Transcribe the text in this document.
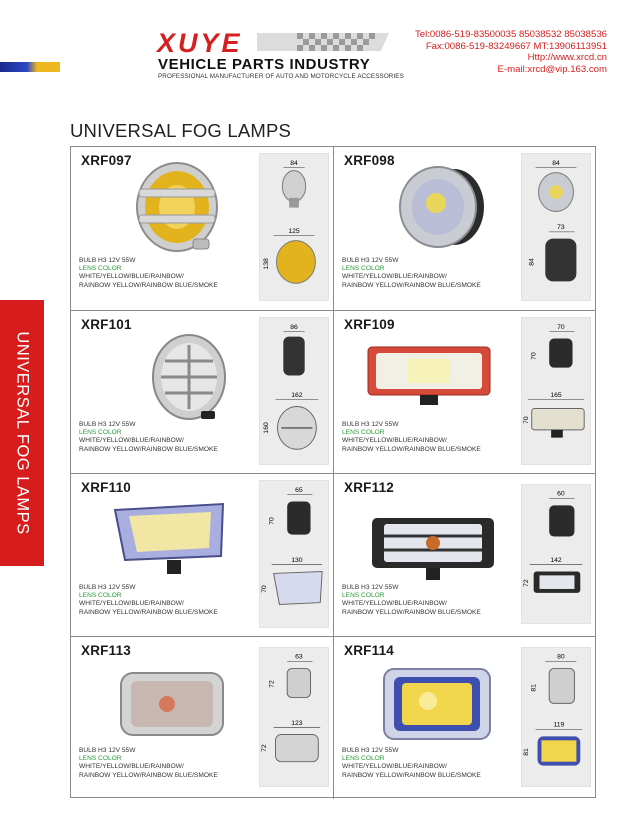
XUYE
VEHICLE PARTS INDUSTRY
PROFESSIONAL MANUFACTURER OF AUTO AND MOTORCYCLE ACCESSORIES
Tel:0086-519-83500035 85038532 85038536
Fax:0086-519-83249667 MT:13906113951
Http://www.xrcd.cn
E-mail:xrcd@vip.163.com
UNIVERSAL FOG LAMPS
UNIVERSAL FOG LAMPS
XRF097	84
125
138
BULB H3 12V 55W
LENS COLOR
WHITE/YELLOW/BLUE/RAINBOW/
RAINBOW YELLOW/RAINBOW BLUE/SMOKE
XRF098	84
73
84
BULB H3 12V 55W
LENS COLOR
WHITE/YELLOW/BLUE/RAINBOW/
RAINBOW YELLOW/RAINBOW BLUE/SMOKE
XRF101	86
162
160
BULB H3 12V 55W
LENS COLOR
WHITE/YELLOW/BLUE/RAINBOW/
RAINBOW YELLOW/RAINBOW BLUE/SMOKE
XRF109	70
70
165
70
BULB H3 12V 55W
LENS COLOR
WHITE/YELLOW/BLUE/RAINBOW/
RAINBOW YELLOW/RAINBOW BLUE/SMOKE
XRF110	65
70
130
70
BULB H3 12V 55W
LENS COLOR
WHITE/YELLOW/BLUE/RAINBOW/
RAINBOW YELLOW/RAINBOW BLUE/SMOKE
XRF112	60
142
72
BULB H3 12V 55W
LENS COLOR
WHITE/YELLOW/BLUE/RAINBOW/
RAINBOW YELLOW/RAINBOW BLUE/SMOKE
XRF113	63
72
123
72
BULB H3 12V 55W
LENS COLOR
WHITE/YELLOW/BLUE/RAINBOW/
RAINBOW YELLOW/RAINBOW BLUE/SMOKE
XRF114	80
81
119
81
BULB H3 12V 55W
LENS COLOR
WHITE/YELLOW/BLUE/RAINBOW/
RAINBOW YELLOW/RAINBOW BLUE/SMOKE
